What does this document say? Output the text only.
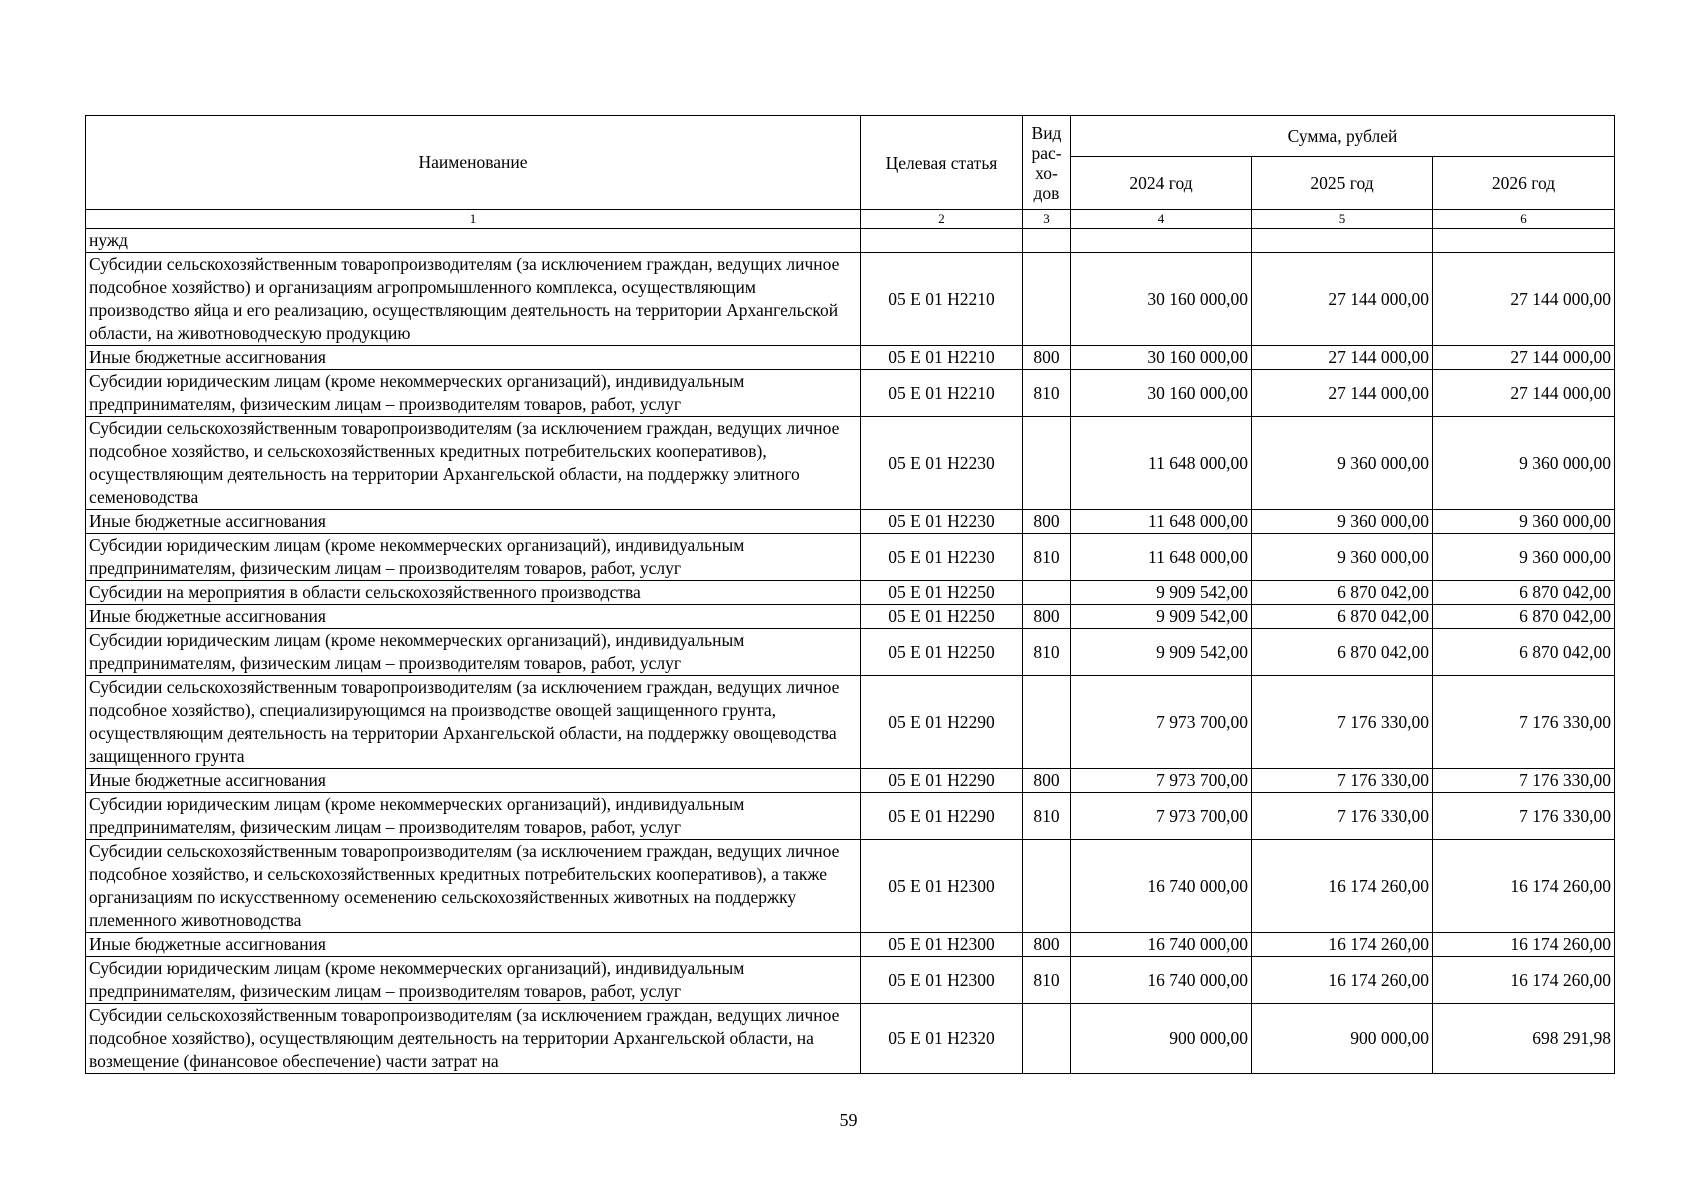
Наименование	Целевая статья	Вид рас-хо-дов	Сумма, рублей		
			2024 год	2025 год	2026 год
1	2	3	4	5	6
нужд					
Субсидии сельскохозяйственным товаропроизводителям (за исключением граждан, ведущих личное подсобное хозяйство) и организациям агропромышленного комплекса, осуществляющим производство яйца и его реализацию, осуществляющим деятельность на территории Архангельской области, на животноводческую продукцию	05 Е 01 Н2210		30 160 000,00	27 144 000,00	27 144 000,00
Иные бюджетные ассигнования	05 Е 01 Н2210	800	30 160 000,00	27 144 000,00	27 144 000,00
Субсидии юридическим лицам (кроме некоммерческих организаций), индивидуальным предпринимателям, физическим лицам – производителям товаров, работ, услуг	05 Е 01 Н2210	810	30 160 000,00	27 144 000,00	27 144 000,00
Субсидии сельскохозяйственным товаропроизводителям (за исключением граждан, ведущих личное подсобное хозяйство, и сельскохозяйственных кредитных потребительских кооперативов), осуществляющим деятельность на территории Архангельской области, на поддержку элитного семеноводства	05 Е 01 Н2230		11 648 000,00	9 360 000,00	9 360 000,00
Иные бюджетные ассигнования	05 Е 01 Н2230	800	11 648 000,00	9 360 000,00	9 360 000,00
Субсидии юридическим лицам (кроме некоммерческих организаций), индивидуальным предпринимателям, физическим лицам – производителям товаров, работ, услуг	05 Е 01 Н2230	810	11 648 000,00	9 360 000,00	9 360 000,00
Субсидии на мероприятия в области сельскохозяйственного производства	05 Е 01 Н2250		9 909 542,00	6 870 042,00	6 870 042,00
Иные бюджетные ассигнования	05 Е 01 Н2250	800	9 909 542,00	6 870 042,00	6 870 042,00
Субсидии юридическим лицам (кроме некоммерческих организаций), индивидуальным предпринимателям, физическим лицам – производителям товаров, работ, услуг	05 Е 01 Н2250	810	9 909 542,00	6 870 042,00	6 870 042,00
Субсидии сельскохозяйственным товаропроизводителям (за исключением граждан, ведущих личное подсобное хозяйство), специализирующимся на производстве овощей защищенного грунта, осуществляющим деятельность на территории Архангельской области, на поддержку овощеводства защищенного грунта	05 Е 01 Н2290		7 973 700,00	7 176 330,00	7 176 330,00
Иные бюджетные ассигнования	05 Е 01 Н2290	800	7 973 700,00	7 176 330,00	7 176 330,00
Субсидии юридическим лицам (кроме некоммерческих организаций), индивидуальным предпринимателям, физическим лицам – производителям товаров, работ, услуг	05 Е 01 Н2290	810	7 973 700,00	7 176 330,00	7 176 330,00
Субсидии сельскохозяйственным товаропроизводителям (за исключением граждан, ведущих личное подсобное хозяйство, и сельскохозяйственных кредитных потребительских кооперативов), а также организациям по искусственному осеменению сельскохозяйственных животных на поддержку племенного животноводства	05 Е 01 Н2300		16 740 000,00	16 174 260,00	16 174 260,00
Иные бюджетные ассигнования	05 Е 01 Н2300	800	16 740 000,00	16 174 260,00	16 174 260,00
Субсидии юридическим лицам (кроме некоммерческих организаций), индивидуальным предпринимателям, физическим лицам – производителям товаров, работ, услуг	05 Е 01 Н2300	810	16 740 000,00	16 174 260,00	16 174 260,00
Субсидии сельскохозяйственным товаропроизводителям (за исключением граждан, ведущих личное подсобное хозяйство), осуществляющим деятельность на территории Архангельской области, на возмещение (финансовое обеспечение) части затрат на	05 Е 01 Н2320		900 000,00	900 000,00	698 291,98
59
